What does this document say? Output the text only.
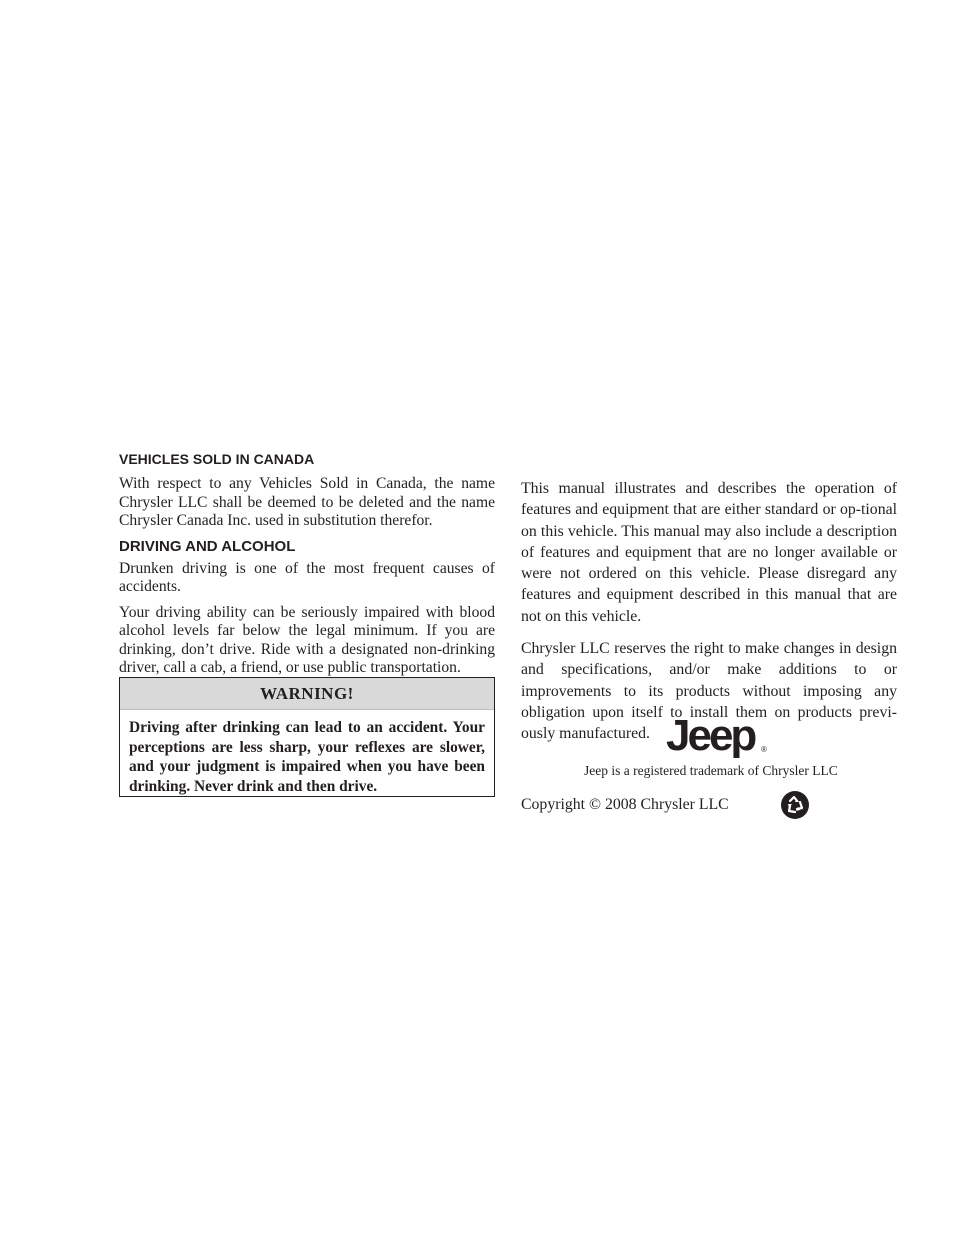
VEHICLES SOLD IN CANADA

With respect to any Vehicles Sold in Canada, the name Chrysler LLC shall be deemed to be deleted and the name Chrysler Canada Inc. used in substitution therefor.

DRIVING AND ALCOHOL

Drunken driving is one of the most frequent causes of accidents.

Your driving ability can be seriously impaired with blood alcohol levels far below the legal minimum. If you are drinking, don’t drive. Ride with a designated non-drinking driver, call a cab, a friend, or use public transportation.

WARNING!
Driving after drinking can lead to an accident. Your perceptions are less sharp, your reflexes are slower, and your judgment is impaired when you have been drinking. Never drink and then drive.

This manual illustrates and describes the operation of features and equipment that are either standard or op-tional on this vehicle. This manual may also include a description of features and equipment that are no longer available or were not ordered on this vehicle. Please disregard any features and equipment described in this manual that are not on this vehicle.

Chrysler LLC reserves the right to make changes in design and specifications, and/or make additions to or improvements to its products without imposing any obligation upon itself to install them on products previ-ously manufactured. Jeep ®
Jeep is a registered trademark of Chrysler LLC
Copyright © 2008 Chrysler LLC
